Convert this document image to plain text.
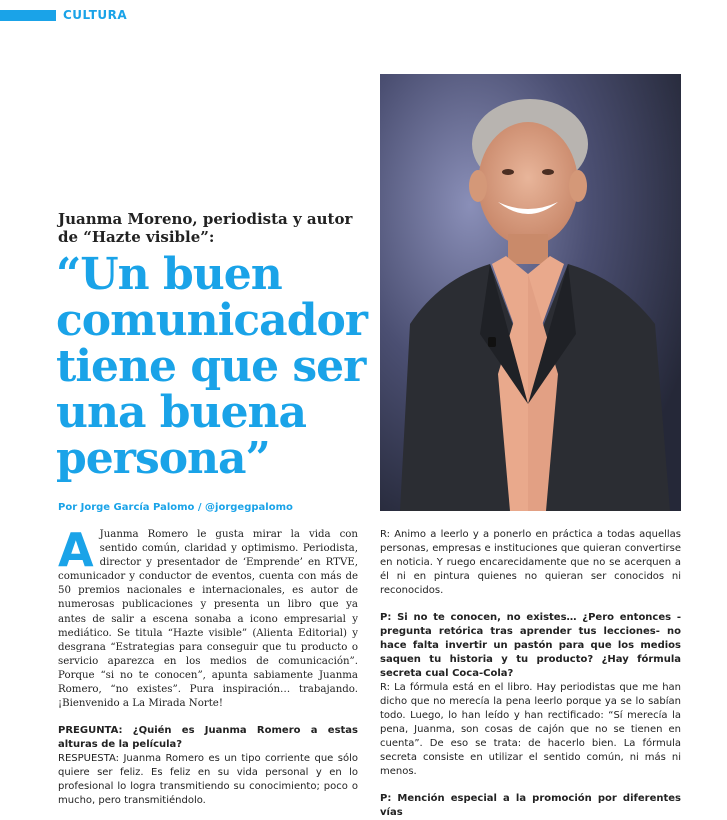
CULTURA
Juanma Moreno, periodista y autor de “Hazte visible”:
“Un buen comunicador tiene que ser una buena persona”
Por Jorge García Palomo / @jorgegpalomo

A Juanma Romero le gusta mirar la vida con sentido común, claridad y optimismo. Periodista, director y presentador de ‘Emprende’ en RTVE, comunicador y conductor de eventos, cuenta con más de 50 premios nacionales e internacionales, es autor de numerosas publicaciones y presenta un libro que ya antes de salir a escena sonaba a icono empresarial y mediático. Se titula “Hazte visible” (Alienta Editorial) y desgrana “Estrategias para conseguir que tu producto o servicio aparezca en los medios de comunicación”. Porque “si no te conocen”, apunta sabiamente Juanma Romero, “no existes”. Pura inspiración… trabajando. ¡Bienvenido a La Mirada Norte!

PREGUNTA: ¿Quién es Juanma Romero a estas alturas de la película?
RESPUESTA: Juanma Romero es un tipo corriente que sólo quiere ser feliz. Es feliz en su vida personal y en lo profesional lo logra transmitiendo su conocimiento; poco o mucho, pero transmitiéndolo.

R: Animo a leerlo y a ponerlo en práctica a todas aquellas personas, empresas e instituciones que quieran convertirse en noticia. Y ruego encarecidamente que no se acerquen a él ni en pintura quienes no quieran ser conocidos ni reconocidos.

P: Si no te conocen, no existes… ¿Pero entonces -pregunta retórica tras aprender tus lecciones- no hace falta invertir un pastón para que los medios saquen tu historia y tu producto? ¿Hay fórmula secreta cual Coca-Cola?
R: La fórmula está en el libro. Hay periodistas que me han dicho que no merecía la pena leerlo porque ya se lo sabían todo. Luego, lo han leído y han rectificado: “Sí merecía la pena, Juanma, son cosas de cajón que no se tienen en cuenta”. De eso se trata: de hacerlo bien. La fórmula secreta consiste en utilizar el sentido común, ni más ni menos.
P: Mención especial a la promoción por diferentes vías
